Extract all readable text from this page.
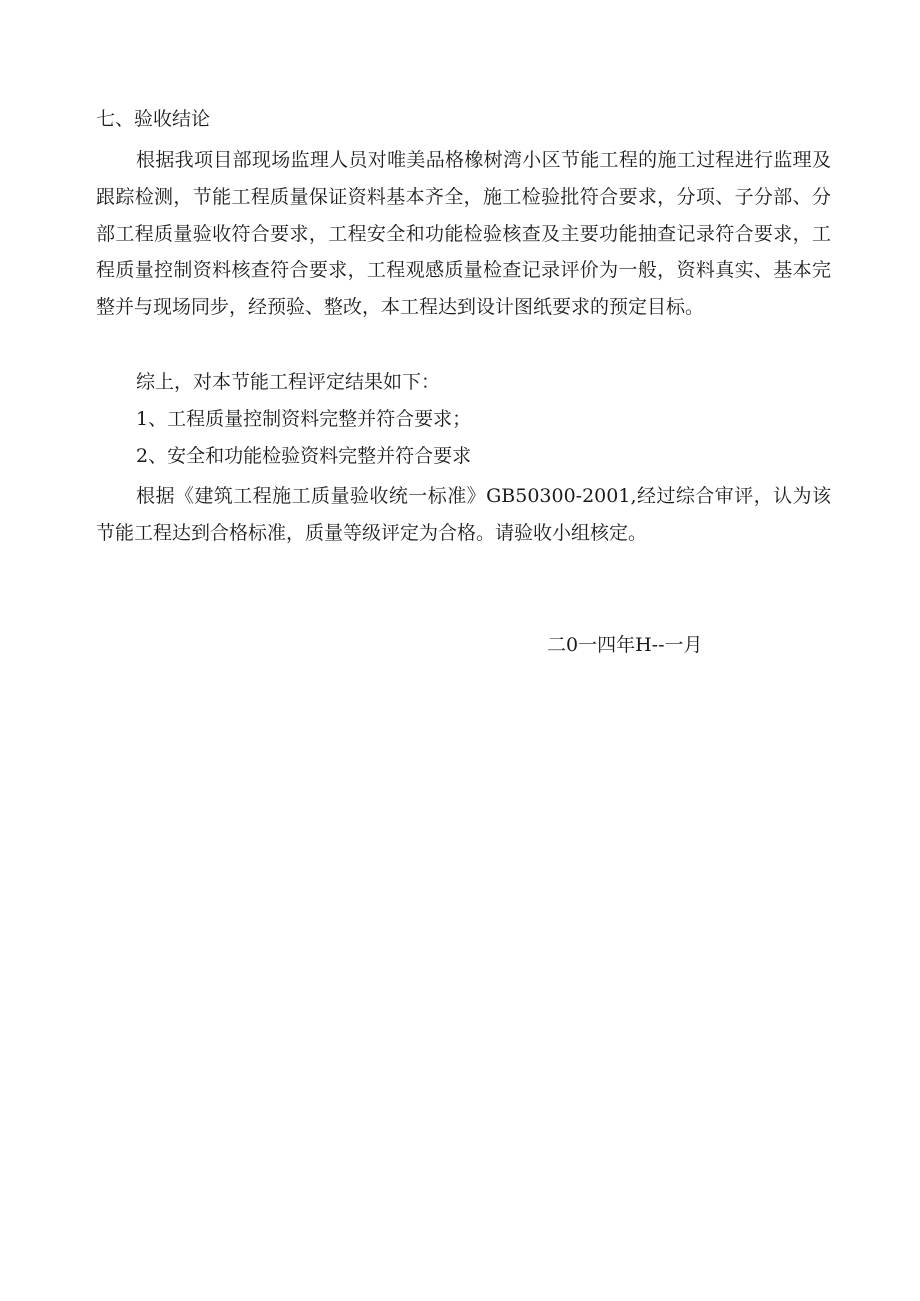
七、验收结论

根据我项目部现场监理人员对唯美品格橡树湾小区节能工程的施工过程进行监理及跟踪检测，节能工程质量保证资料基本齐全，施工检验批符合要求，分项、子分部、分部工程质量验收符合要求，工程安全和功能检验核查及主要功能抽查记录符合要求，工程质量控制资料核查符合要求，工程观感质量检查记录评价为一般，资料真实、基本完整并与现场同步，经预验、整改，本工程达到设计图纸要求的预定目标。

综上，对本节能工程评定结果如下：
1、工程质量控制资料完整并符合要求；
2、安全和功能检验资料完整并符合要求

根据《建筑工程施工质量验收统一标准》GB50300-2001,经过综合审评，认为该节能工程达到合格标准，质量等级评定为合格。请验收小组核定。

二0一四年H--一月
